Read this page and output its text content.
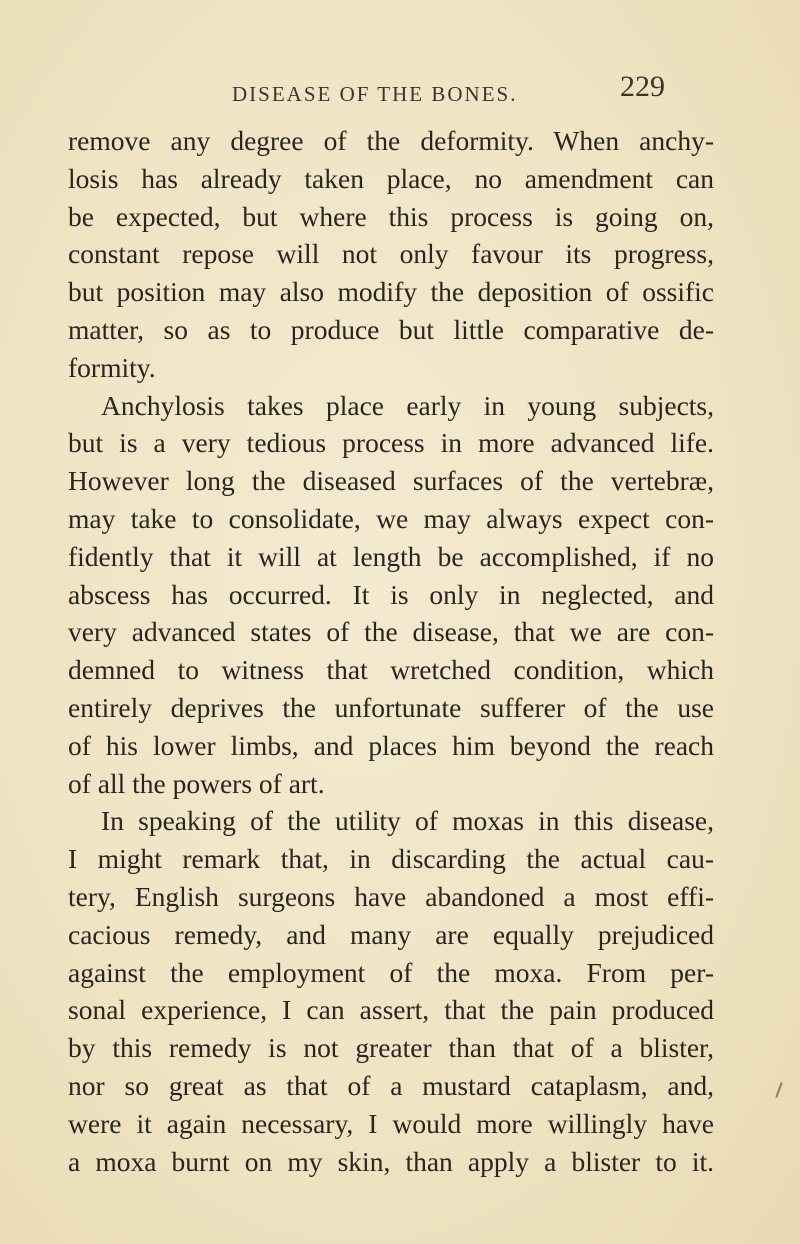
DISEASE OF THE BONES.	229
remove any degree of the deformity. When anchy-
losis has already taken place, no amendment can
be expected, but where this process is going on,
constant repose will not only favour its progress,
but position may also modify the deposition of ossific
matter, so as to produce but little comparative de-
formity.
Anchylosis takes place early in young subjects,
but is a very tedious process in more advanced life.
However long the diseased surfaces of the vertebræ,
may take to consolidate, we may always expect con-
fidently that it will at length be accomplished, if no
abscess has occurred. It is only in neglected, and
very advanced states of the disease, that we are con-
demned to witness that wretched condition, which
entirely deprives the unfortunate sufferer of the use
of his lower limbs, and places him beyond the reach
of all the powers of art.
In speaking of the utility of moxas in this disease,
I might remark that, in discarding the actual cau-
tery, English surgeons have abandoned a most effi-
cacious remedy, and many are equally prejudiced
against the employment of the moxa. From per-
sonal experience, I can assert, that the pain produced
by this remedy is not greater than that of a blister,
nor so great as that of a mustard cataplasm, and,
were it again necessary, I would more willingly have
a moxa burnt on my skin, than apply a blister to it.
